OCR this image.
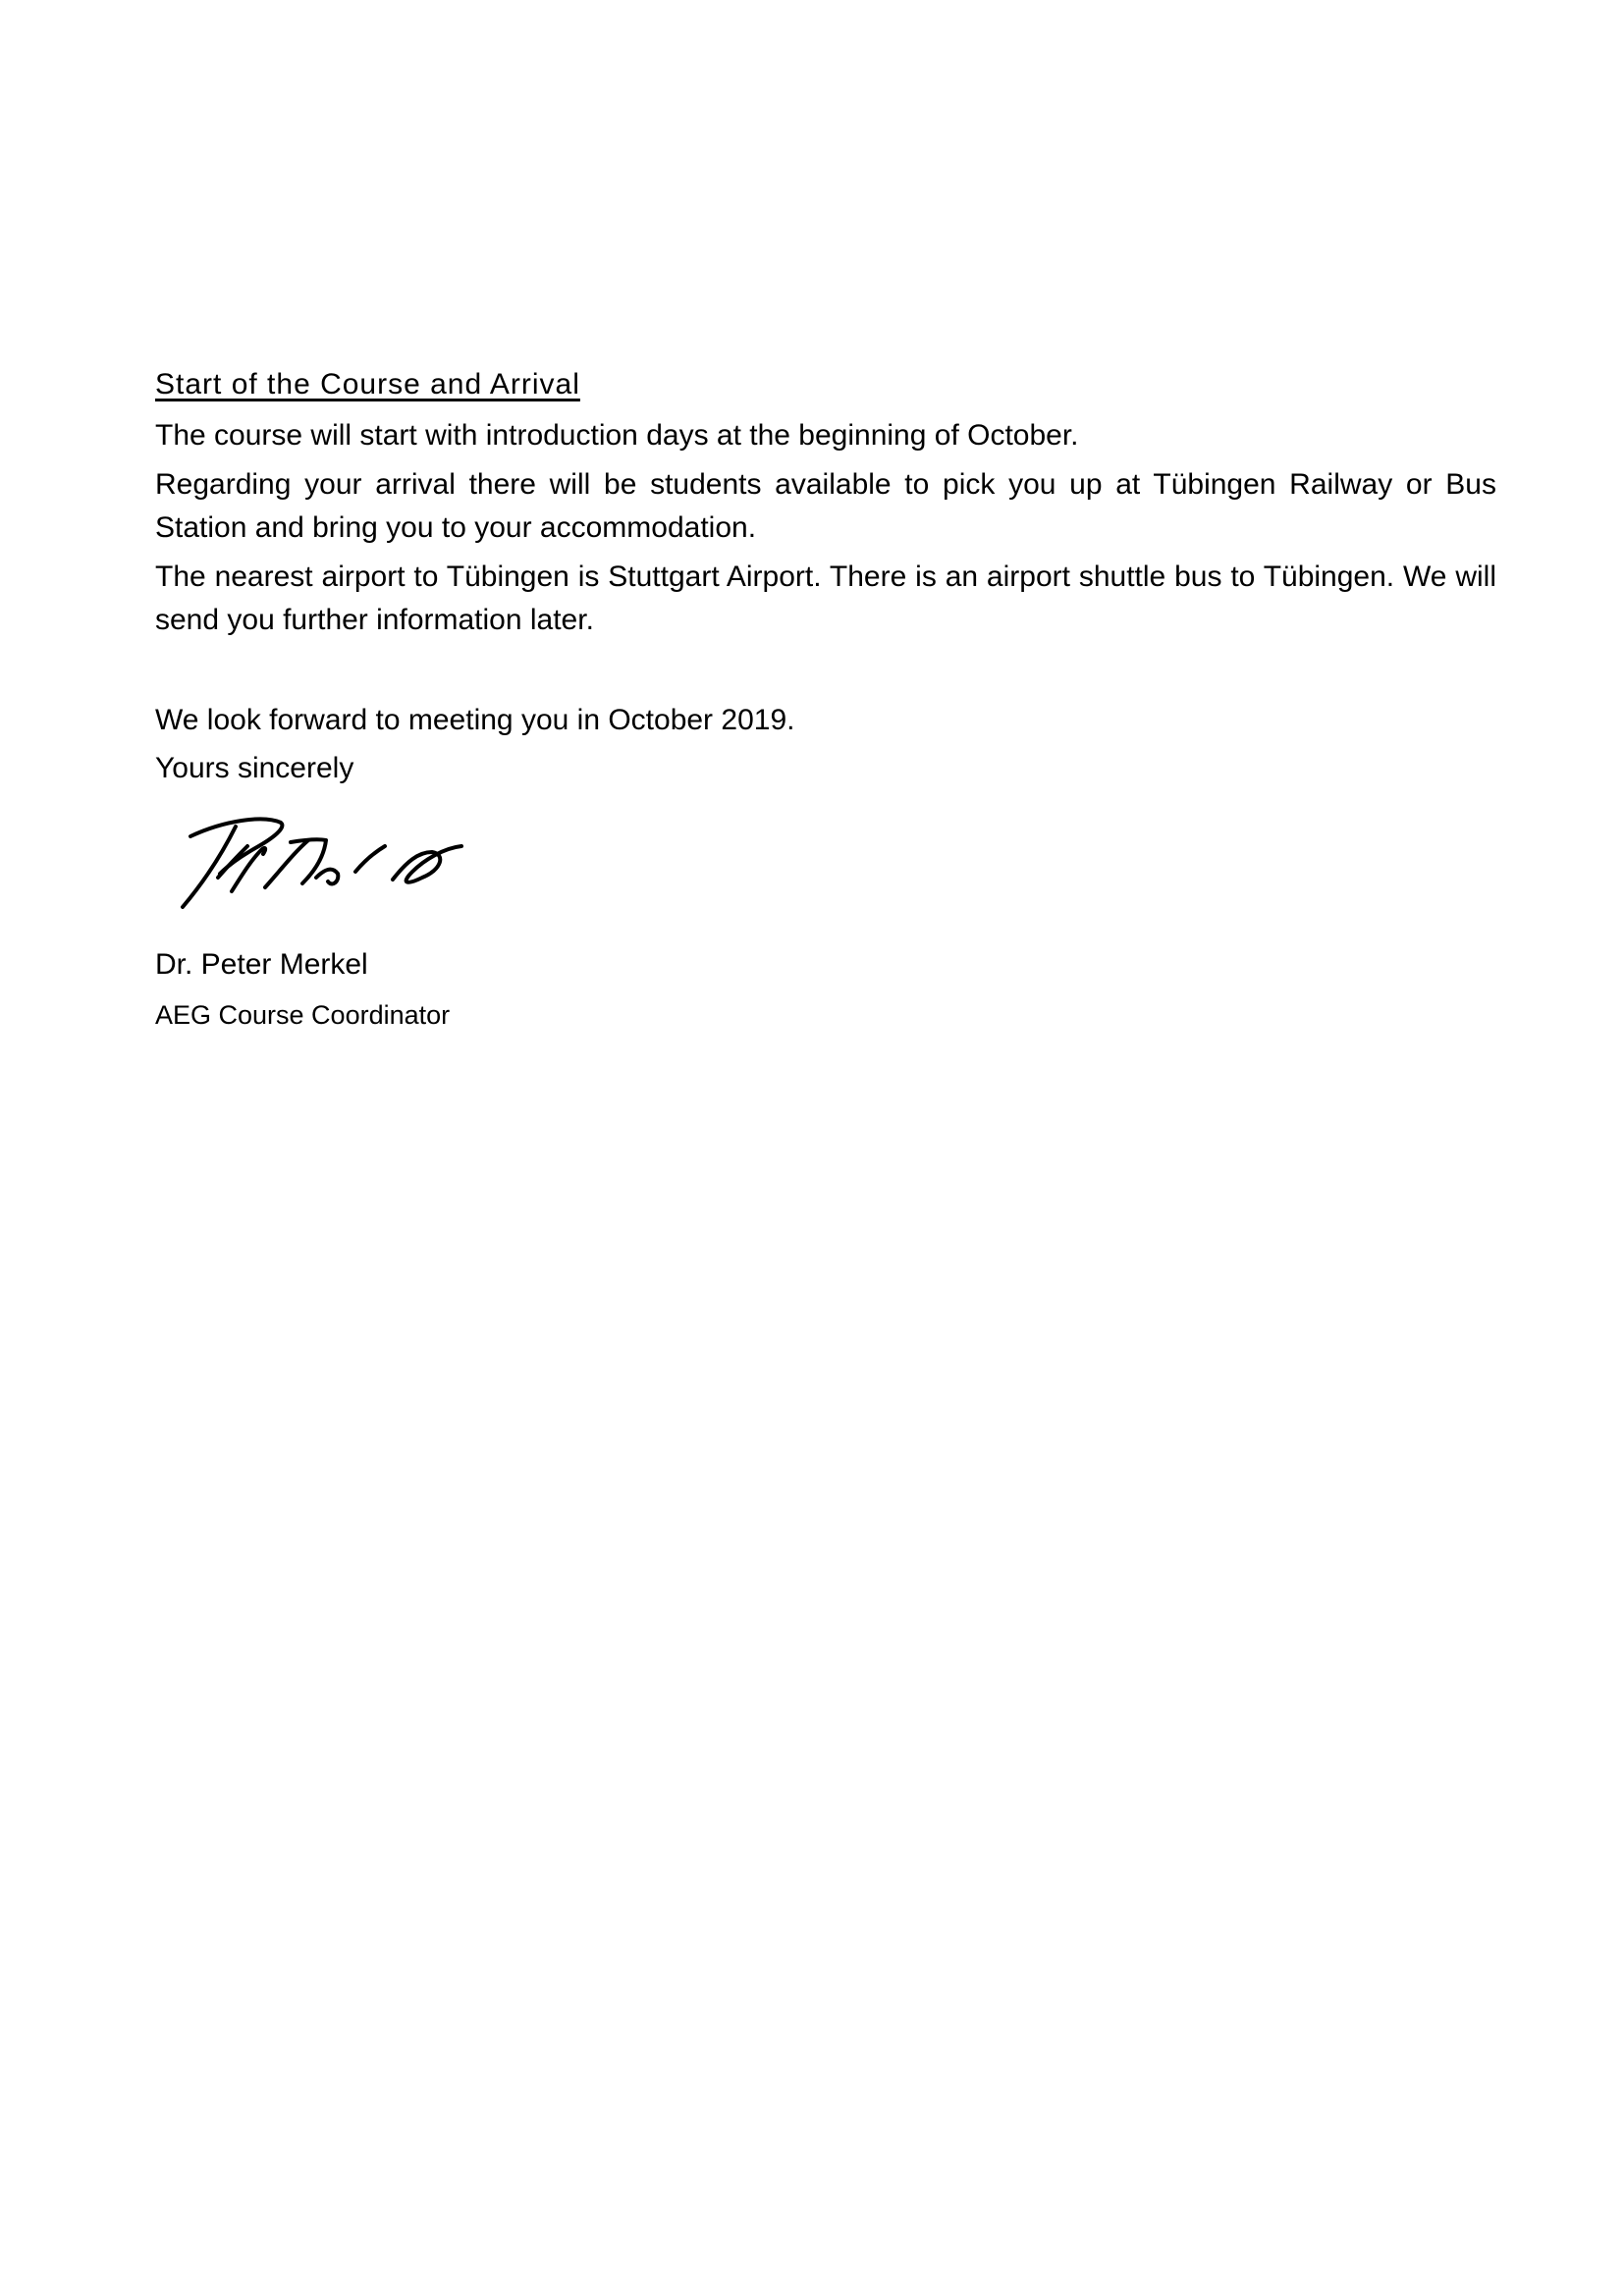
Start of the Course and Arrival

The course will start with introduction days at the beginning of October.

Regarding your arrival there will be students available to pick you up at Tübingen Railway or Bus Station and bring you to your accommodation.

The nearest airport to Tübingen is Stuttgart Airport. There is an airport shuttle bus to Tübingen. We will send you further information later.

We look forward to meeting you in October 2019.

Yours sincerely

Dr. Peter Merkel

AEG Course Coordinator
